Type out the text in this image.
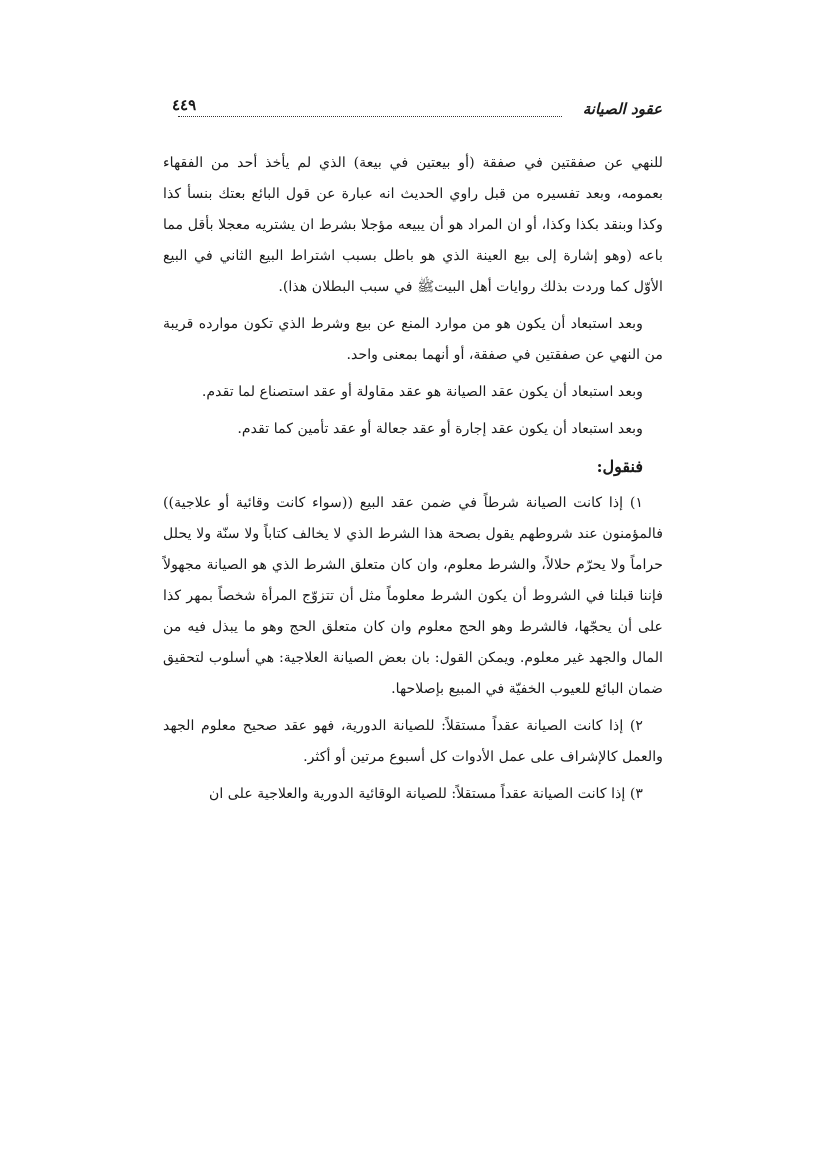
عقود الصيانة
٤٤٩

للنهي عن صفقتين في صفقة (أو بيعتين في بيعة) الذي لم يأخذ أحد من الفقهاء بعمومه، وبعد تفسيره من قبل راوي الحديث انه عبارة عن قول البائع بعتك بنسأ كذا وكذا وبنقد بكذا وكذا، أو ان المراد هو أن يبيعه مؤجلا بشرط ان يشتريه معجلا بأقل مما باعه (وهو إشارة إلى بيع العينة الذي هو باطل بسبب اشتراط البيع الثاني في البيع الأوّل كما وردت بذلك روايات أهل البيتﷺ في سبب البطلان هذا).

وبعد استبعاد أن يكون هو من موارد المنع عن بيع وشرط الذي تكون موارده قريبة من النهي عن صفقتين في صفقة، أو أنهما بمعنى واحد.

وبعد استبعاد أن يكون عقد الصيانة هو عقد مقاولة أو عقد استصناع لما تقدم.

وبعد استبعاد أن يكون عقد إجارة أو عقد جعالة أو عقد تأمين كما تقدم.

فنقول:

١) إذا كانت الصيانة شرطاً في ضمن عقد البيع ((سواء كانت وقائية أو علاجية)) فالمؤمنون عند شروطهم يقول بصحة هذا الشرط الذي لا يخالف كتاباً ولا سنّة ولا يحلل حراماً ولا يحرّم حلالاً، والشرط معلوم، وان كان متعلق الشرط الذي هو الصيانة مجهولاً فإننا قبلنا في الشروط أن يكون الشرط معلوماً مثل أن تتزوّج المرأة شخصاً بمهر كذا على أن يحجّها، فالشرط وهو الحج معلوم وان كان متعلق الحج وهو ما يبذل فيه من المال والجهد غير معلوم. ويمكن القول: بان بعض الصيانة العلاجية: هي أسلوب لتحقيق ضمان البائع للعيوب الخفيّة في المبيع بإصلاحها.

٢) إذا كانت الصيانة عقداً مستقلاً: للصيانة الدورية، فهو عقد صحيح معلوم الجهد والعمل كالإشراف على عمل الأدوات كل أسبوع مرتين أو أكثر.

٣) إذا كانت الصيانة عقداً مستقلاً: للصيانة الوقائية الدورية والعلاجية على ان
